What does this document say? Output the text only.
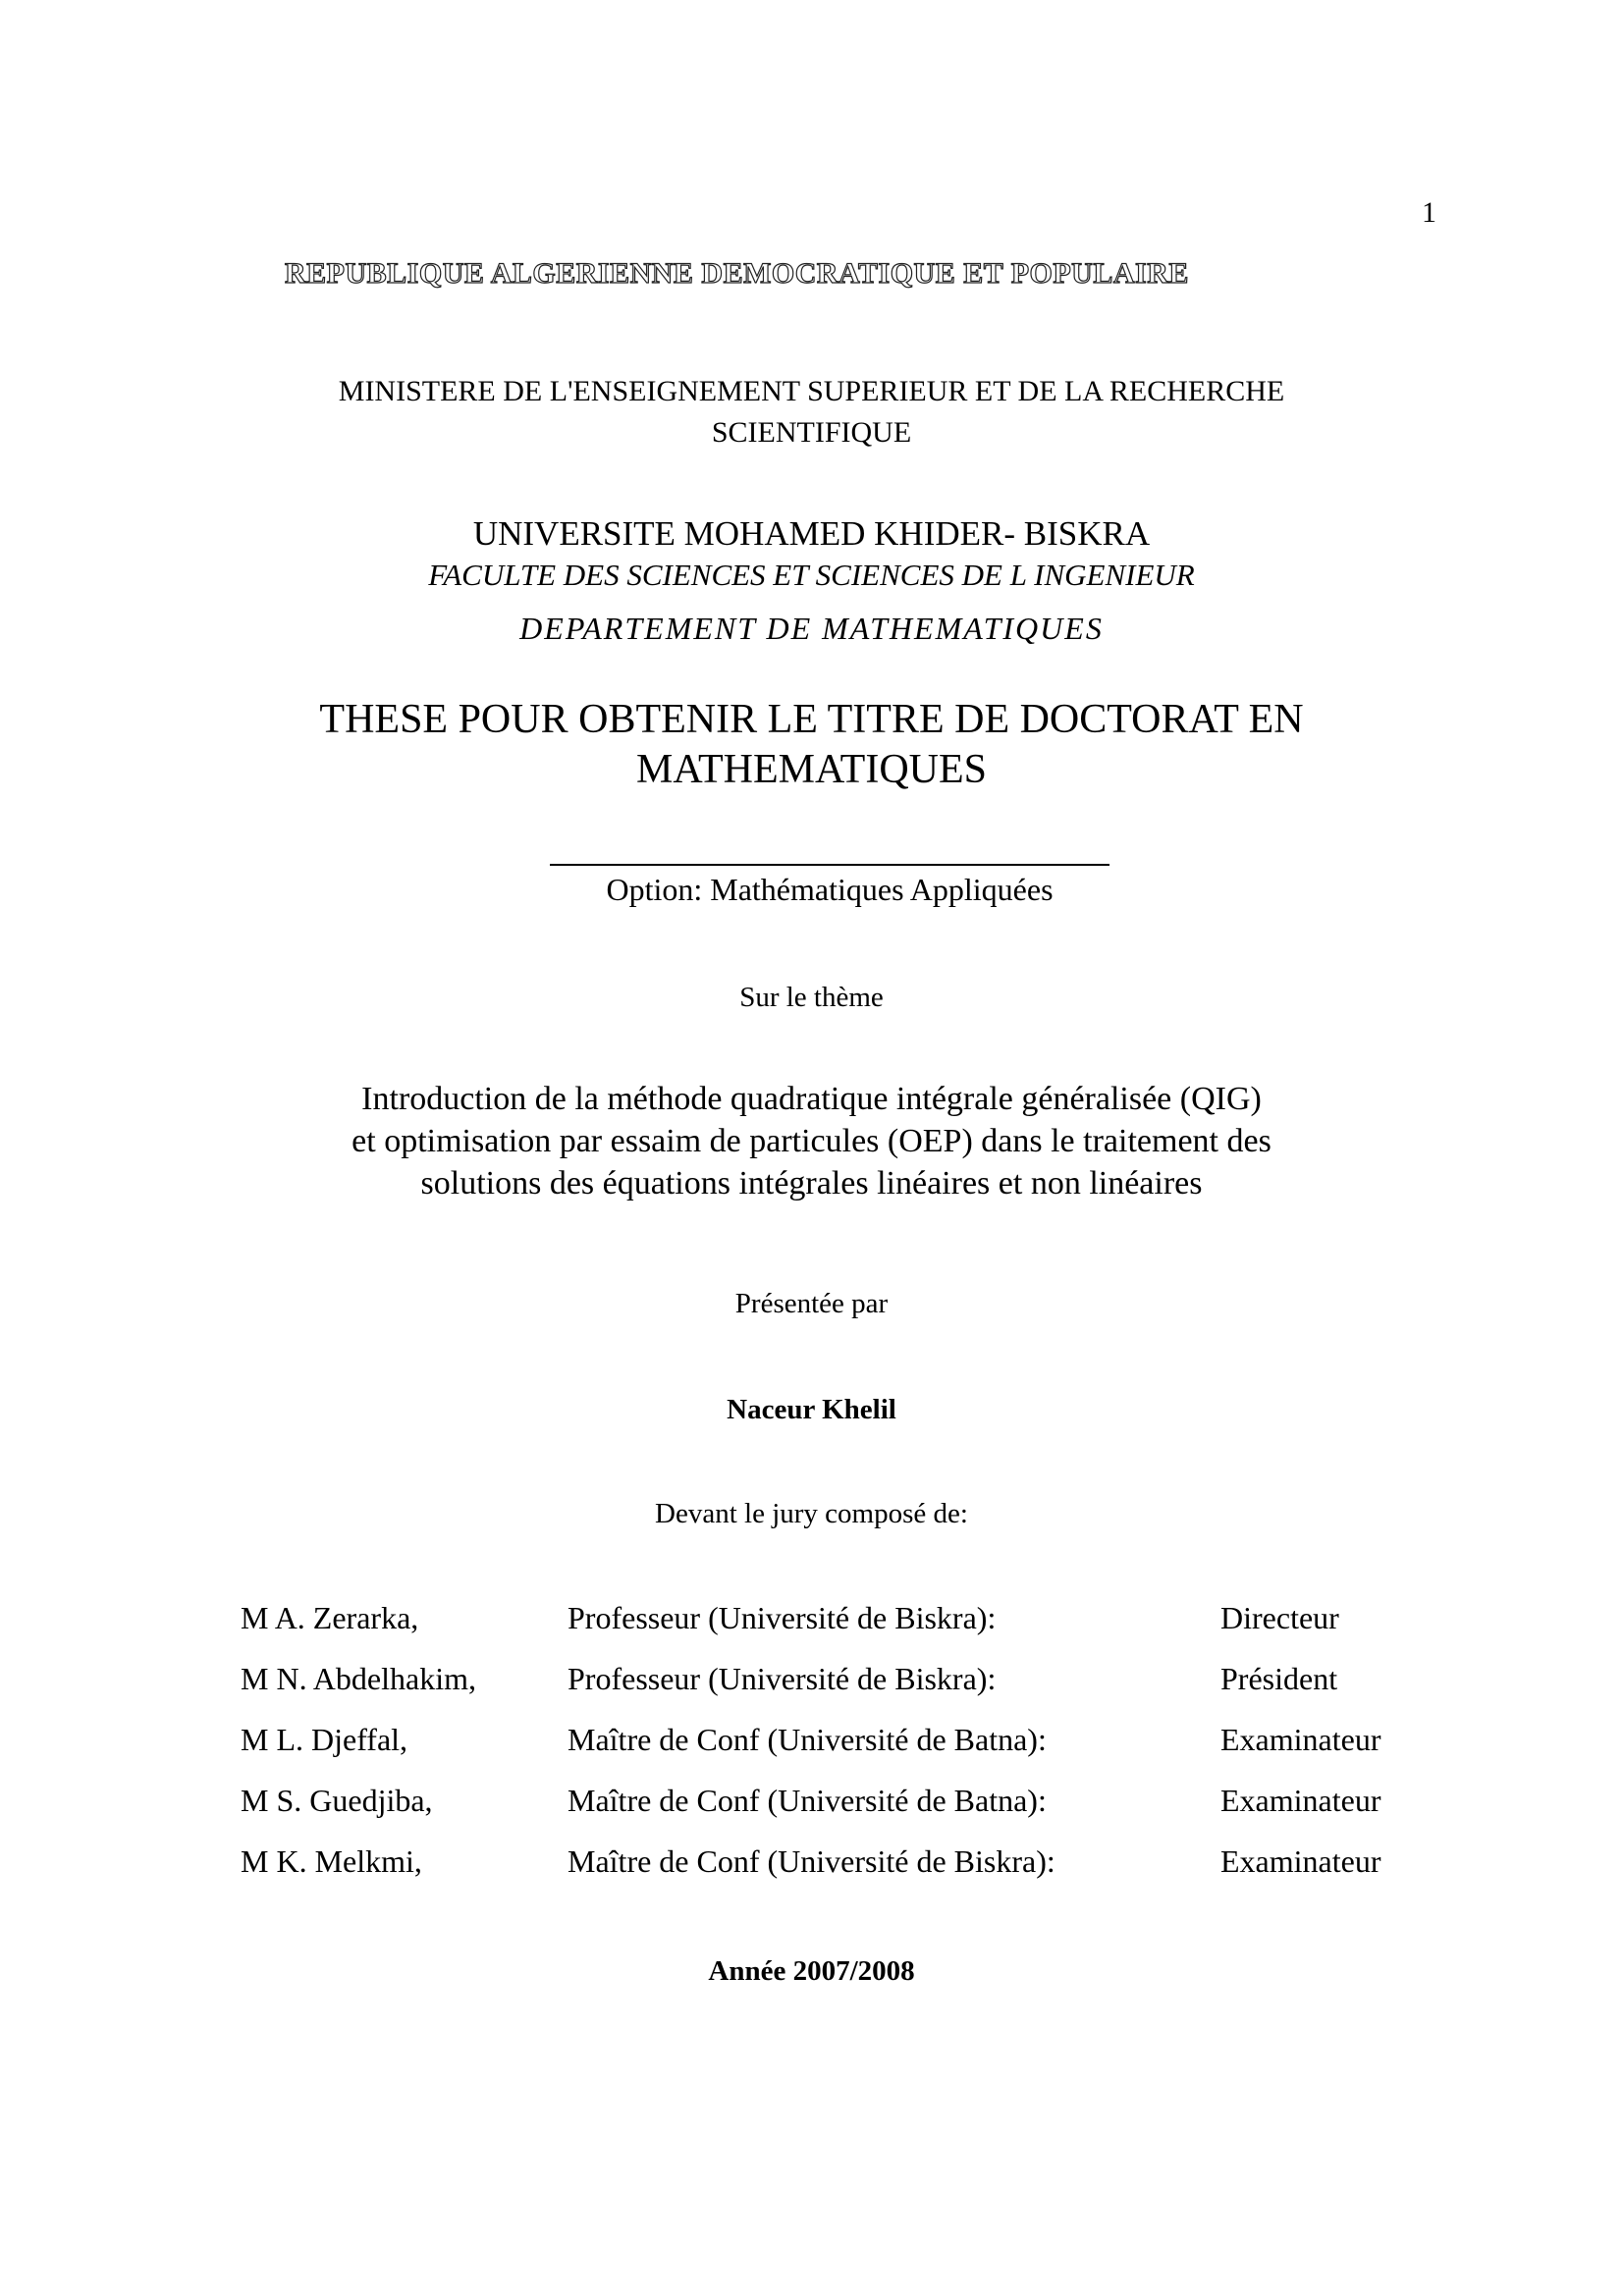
1
REPUBLIQUE ALGERIENNE DEMOCRATIQUE ET POPULAIRE
MINISTERE DE L'ENSEIGNEMENT SUPERIEUR ET DE LA RECHERCHE
SCIENTIFIQUE
UNIVERSITE MOHAMED KHIDER- BISKRA
FACULTE DES SCIENCES ET SCIENCES DE L INGENIEUR
DEPARTEMENT DE MATHEMATIQUES
THESE POUR OBTENIR LE TITRE DE DOCTORAT EN
MATHEMATIQUES
Option: Mathématiques Appliquées
Sur le thème
Introduction de la méthode quadratique intégrale généralisée (QIG)
et optimisation par essaim de particules (OEP) dans le traitement des
solutions des équations intégrales linéaires et non linéaires
Présentée par
Naceur Khelil
Devant le jury composé de:
M A. Zerarka,	Professeur (Université de Biskra):	Directeur
M N. Abdelhakim,	Professeur (Université de Biskra):	Président
M L. Djeffal,	Maître de Conf (Université de Batna):	Examinateur
M S. Guedjiba,	Maître de Conf (Université de Batna):	Examinateur
M K. Melkmi,	Maître de Conf (Université de Biskra):	Examinateur
Année 2007/2008
